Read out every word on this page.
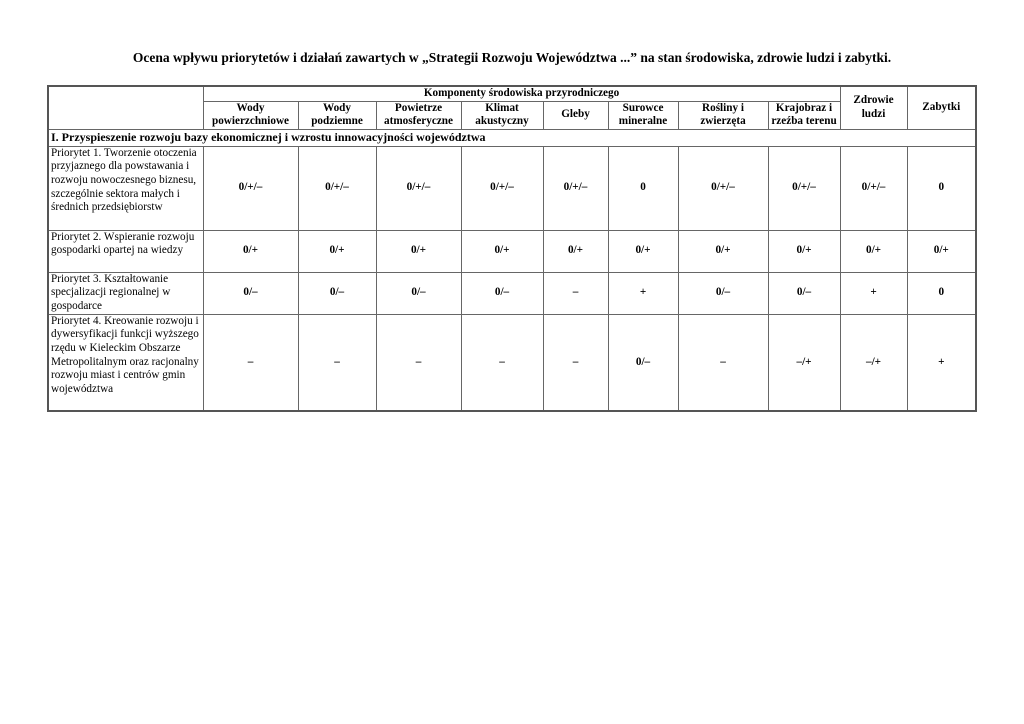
Ocena wpływu priorytetów i działań zawartych w „Strategii Rozwoju Województwa ...” na stan środowiska, zdrowie ludzi i zabytki.
	Komponenty środowiska przyrodniczego								Zdrowie ludzi	Zabytki
	Wody powierzchniowe	Wody podziemne	Powietrze atmosferyczne	Klimat akustyczny	Gleby	Surowce mineralne	Rośliny i zwierzęta	Krajobraz i rzeźba terenu		
I. Przyspieszenie rozwoju bazy ekonomicznej i wzrostu innowacyjności województwa										
Priorytet 1. Tworzenie otoczenia przyjaznego dla powstawania i rozwoju nowoczesnego biznesu, szczególnie sektora małych i średnich przedsiębiorstw	0/+/–	0/+/–	0/+/–	0/+/–	0/+/–	0	0/+/–	0/+/–	0/+/–	0
Priorytet 2. Wspieranie rozwoju gospodarki opartej na wiedzy	0/+	0/+	0/+	0/+	0/+	0/+	0/+	0/+	0/+	0/+
Priorytet 3. Kształtowanie specjalizacji regionalnej w gospodarce	0/–	0/–	0/–	0/–	–	+	0/–	0/–	+	0
Priorytet 4. Kreowanie rozwoju i dywersyfikacji funkcji wyższego rzędu w Kieleckim Obszarze Metropolitalnym oraz racjonalny rozwoju miast i centrów gmin województwa	–	–	–	–	–	0/–	–	–/+	–/+	+
